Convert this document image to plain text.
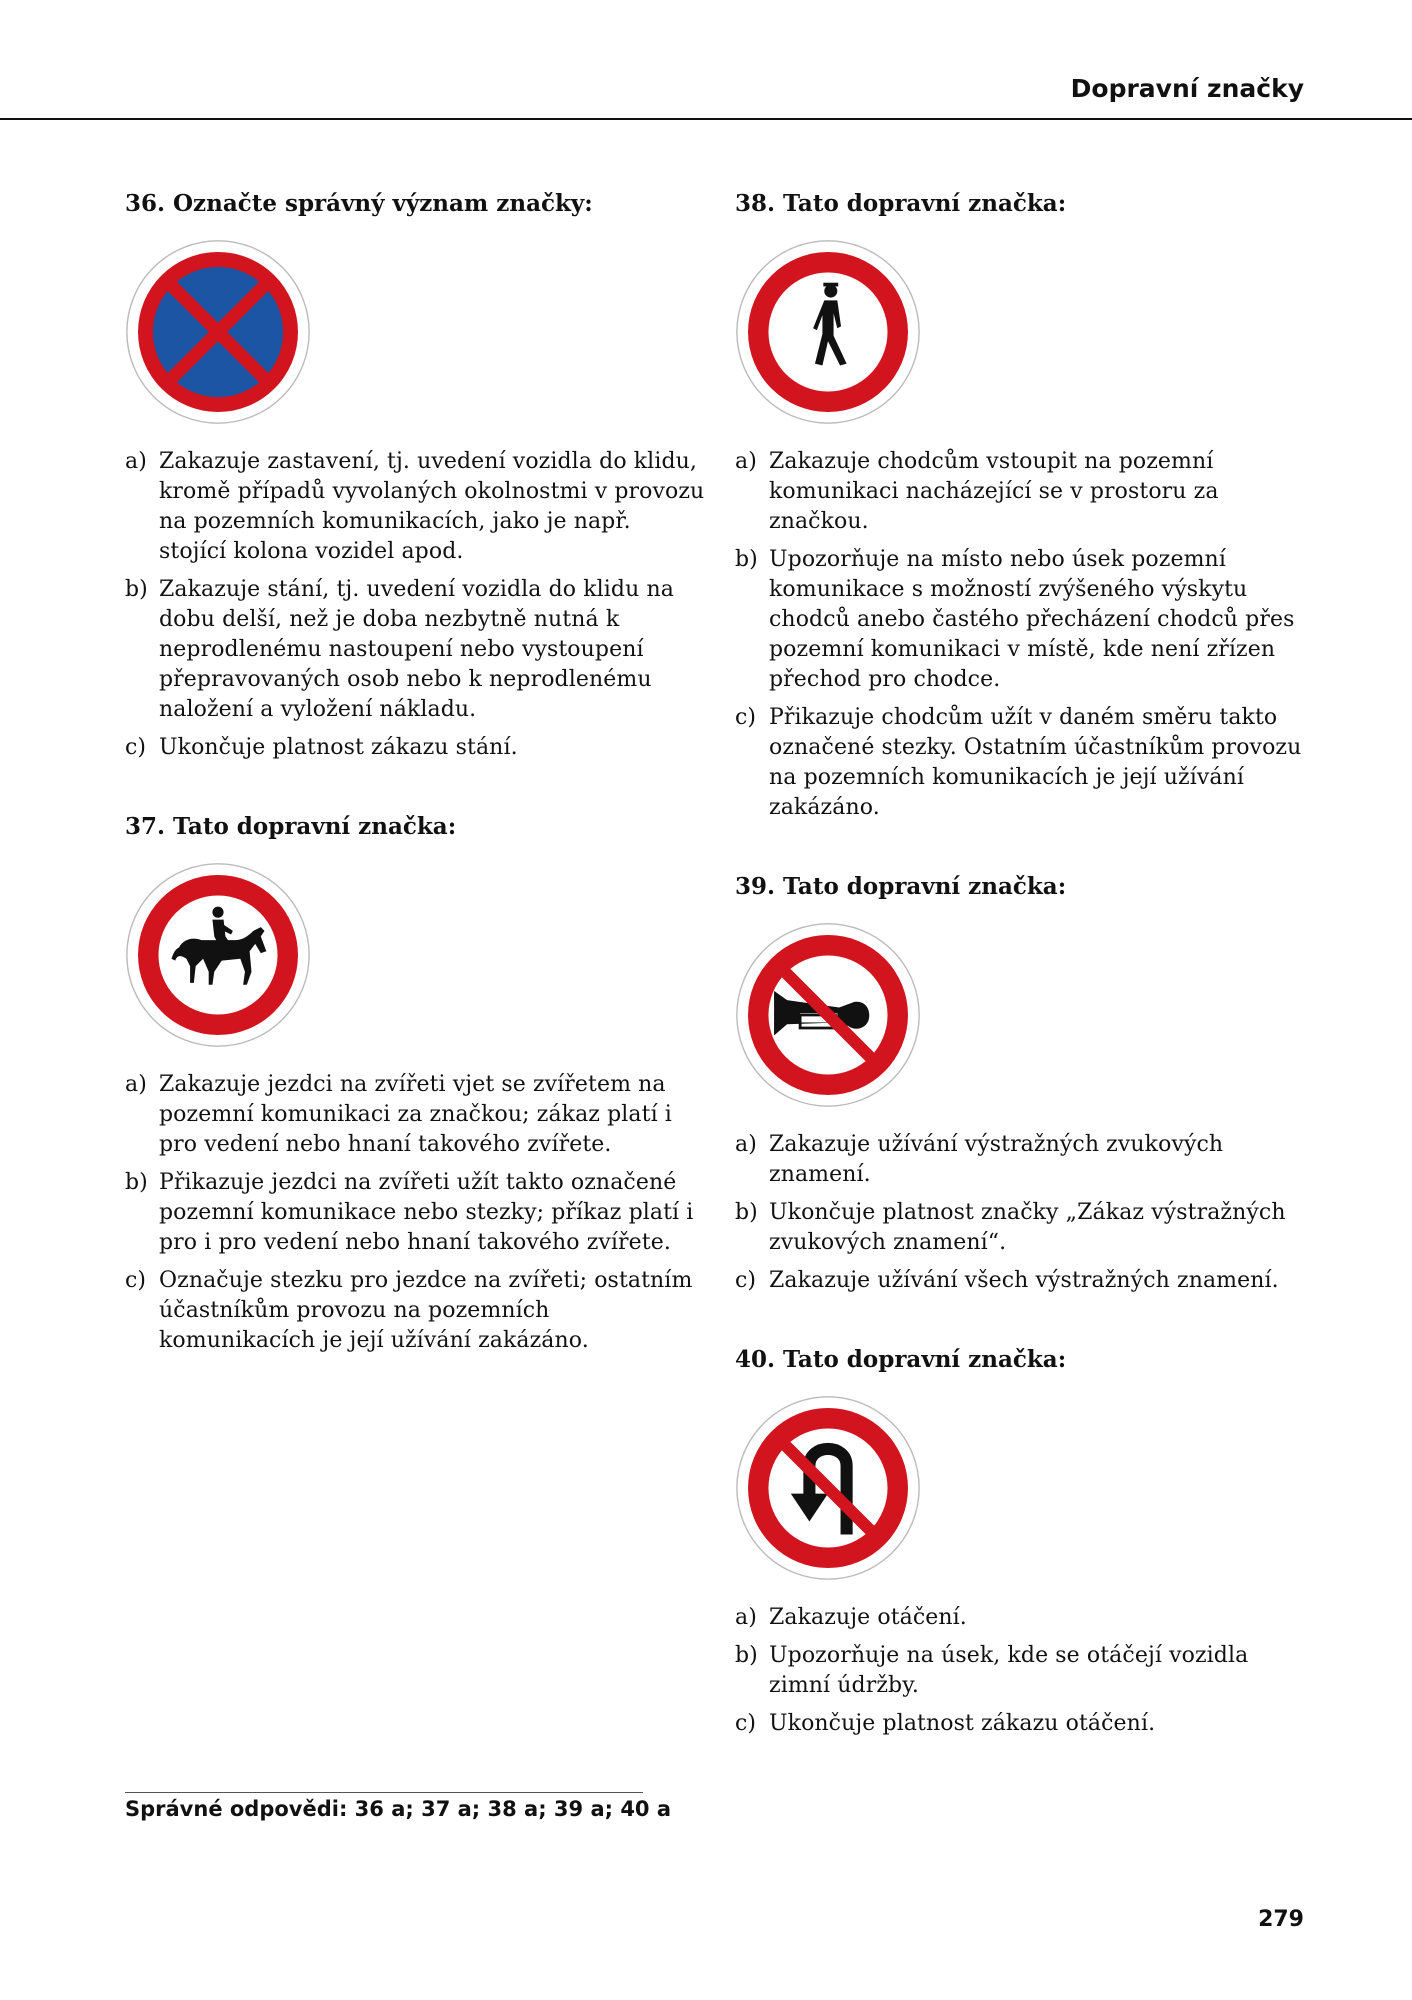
Dopravní značky
36. Označte správný význam značky:
a) Zakazuje zastavení, tj. uvedení vozidla do klidu, kromě případů vyvolaných okolnostmi v provozu na pozemních komunikacích, jako je např. stojící kolona vozidel apod.
b) Zakazuje stání, tj. uvedení vozidla do klidu na dobu delší, než je doba nezbytně nutná k neprodlenému nastoupení nebo vystoupení přepravovaných osob nebo k neprodlenému naložení a vyložení nákladu.
c) Ukončuje platnost zákazu stání.
37. Tato dopravní značka:
a) Zakazuje jezdci na zvířeti vjet se zvířetem na pozemní komunikaci za značkou; zákaz platí i pro vedení nebo hnaní takového zvířete.
b) Přikazuje jezdci na zvířeti užít takto označené pozemní komunikace nebo stezky; příkaz platí i pro i pro vedení nebo hnaní takového zvířete.
c) Označuje stezku pro jezdce na zvířeti; ostatním účastníkům provozu na pozemních komunikacích je její užívání zakázáno.
38. Tato dopravní značka:
a) Zakazuje chodcům vstoupit na pozemní komunikaci nacházející se v prostoru za značkou.
b) Upozorňuje na místo nebo úsek pozemní komunikace s možností zvýšeného výskytu chodců anebo častého přecházení chodců přes pozemní komunikaci v místě, kde není zřízen přechod pro chodce.
c) Přikazuje chodcům užít v daném směru takto označené stezky. Ostatním účastníkům provozu na pozemních komunikacích je její užívání zakázáno.
39. Tato dopravní značka:
a) Zakazuje užívání výstražných zvukových znamení.
b) Ukončuje platnost značky „Zákaz výstražných zvukových znamení“.
c) Zakazuje užívání všech výstražných znamení.
40. Tato dopravní značka:
a) Zakazuje otáčení.
b) Upozorňuje na úsek, kde se otáčejí vozidla zimní údržby.
c) Ukončuje platnost zákazu otáčení.
Správné odpovědi: 36 a; 37 a; 38 a; 39 a; 40 a
279
